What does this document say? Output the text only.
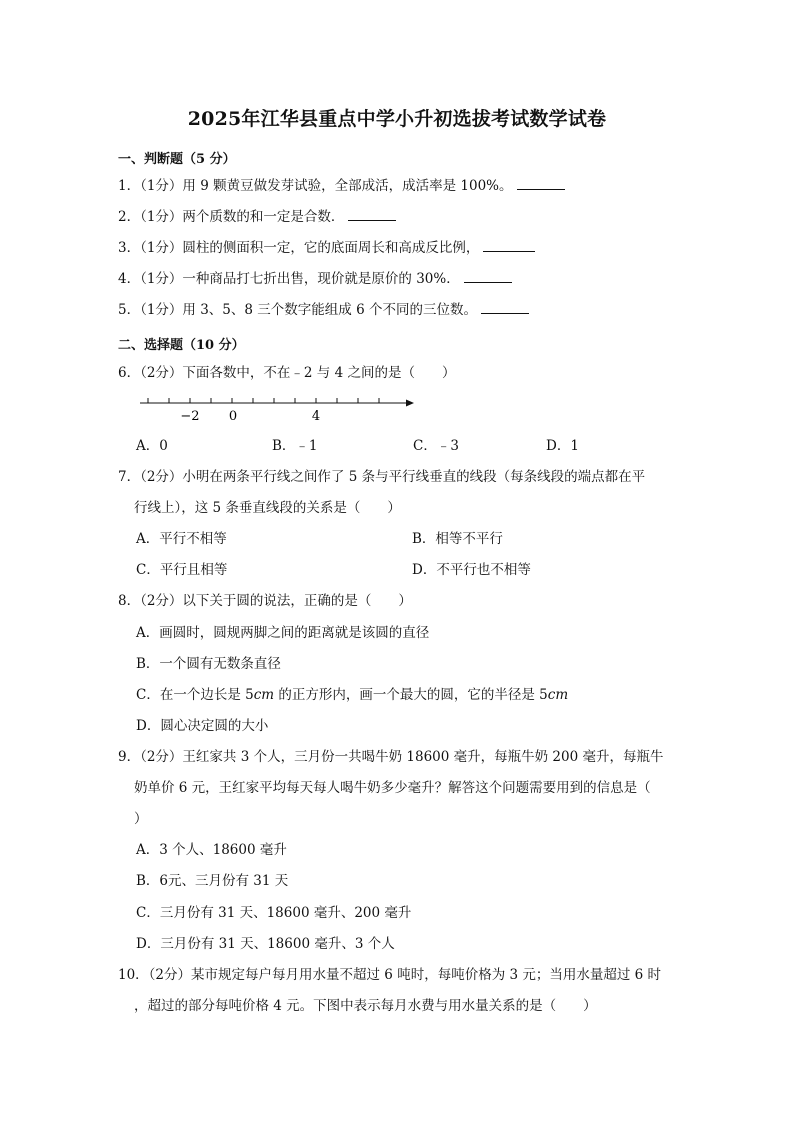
2025年江华县重点中学小升初选拔考试数学试卷
一、判断题（5 分）
1．（1分）用 9 颗黄豆做发芽试验，全部成活，成活率是 100%。
2．（1分）两个质数的和一定是合数．
3．（1分）圆柱的侧面积一定，它的底面周长和高成反比例，
4．（1分）一种商品打七折出售，现价就是原价的 30%．
5．（1分）用 3、5、8 三个数字能组成 6 个不同的三位数。
二、选择题（10 分）
6．（2分）下面各数中，不在﹣2 与 4 之间的是（　　）
−2 0	4
A．0	B．﹣1	C．﹣3	D．1
7．（2分）小明在两条平行线之间作了 5 条与平行线垂直的线段（每条线段的端点都在平
行线上），这 5 条垂直线段的关系是（　　）
A．平行不相等	B．相等不平行
C．平行且相等	D．不平行也不相等
8．（2分）以下关于圆的说法，正确的是（　　）
A．画圆时，圆规两脚之间的距离就是该圆的直径
B．一个圆有无数条直径
C．在一个边长是 5cm 的正方形内，画一个最大的圆，它的半径是 5cm
D．圆心决定圆的大小
9．（2分）王红家共 3 个人，三月份一共喝牛奶 18600 毫升，每瓶牛奶 200 毫升，每瓶牛
奶单价 6 元，王红家平均每天每人喝牛奶多少毫升？解答这个问题需要用到的信息是（
）
A．3 个人、18600 毫升
B．6元、三月份有 31 天
C．三月份有 31 天、18600 毫升、200 毫升
D．三月份有 31 天、18600 毫升、3 个人
10．（2分）某市规定每户每月用水量不超过 6 吨时，每吨价格为 3 元；当用水量超过 6 时
，超过的部分每吨价格 4 元。下图中表示每月水费与用水量关系的是（　　）
